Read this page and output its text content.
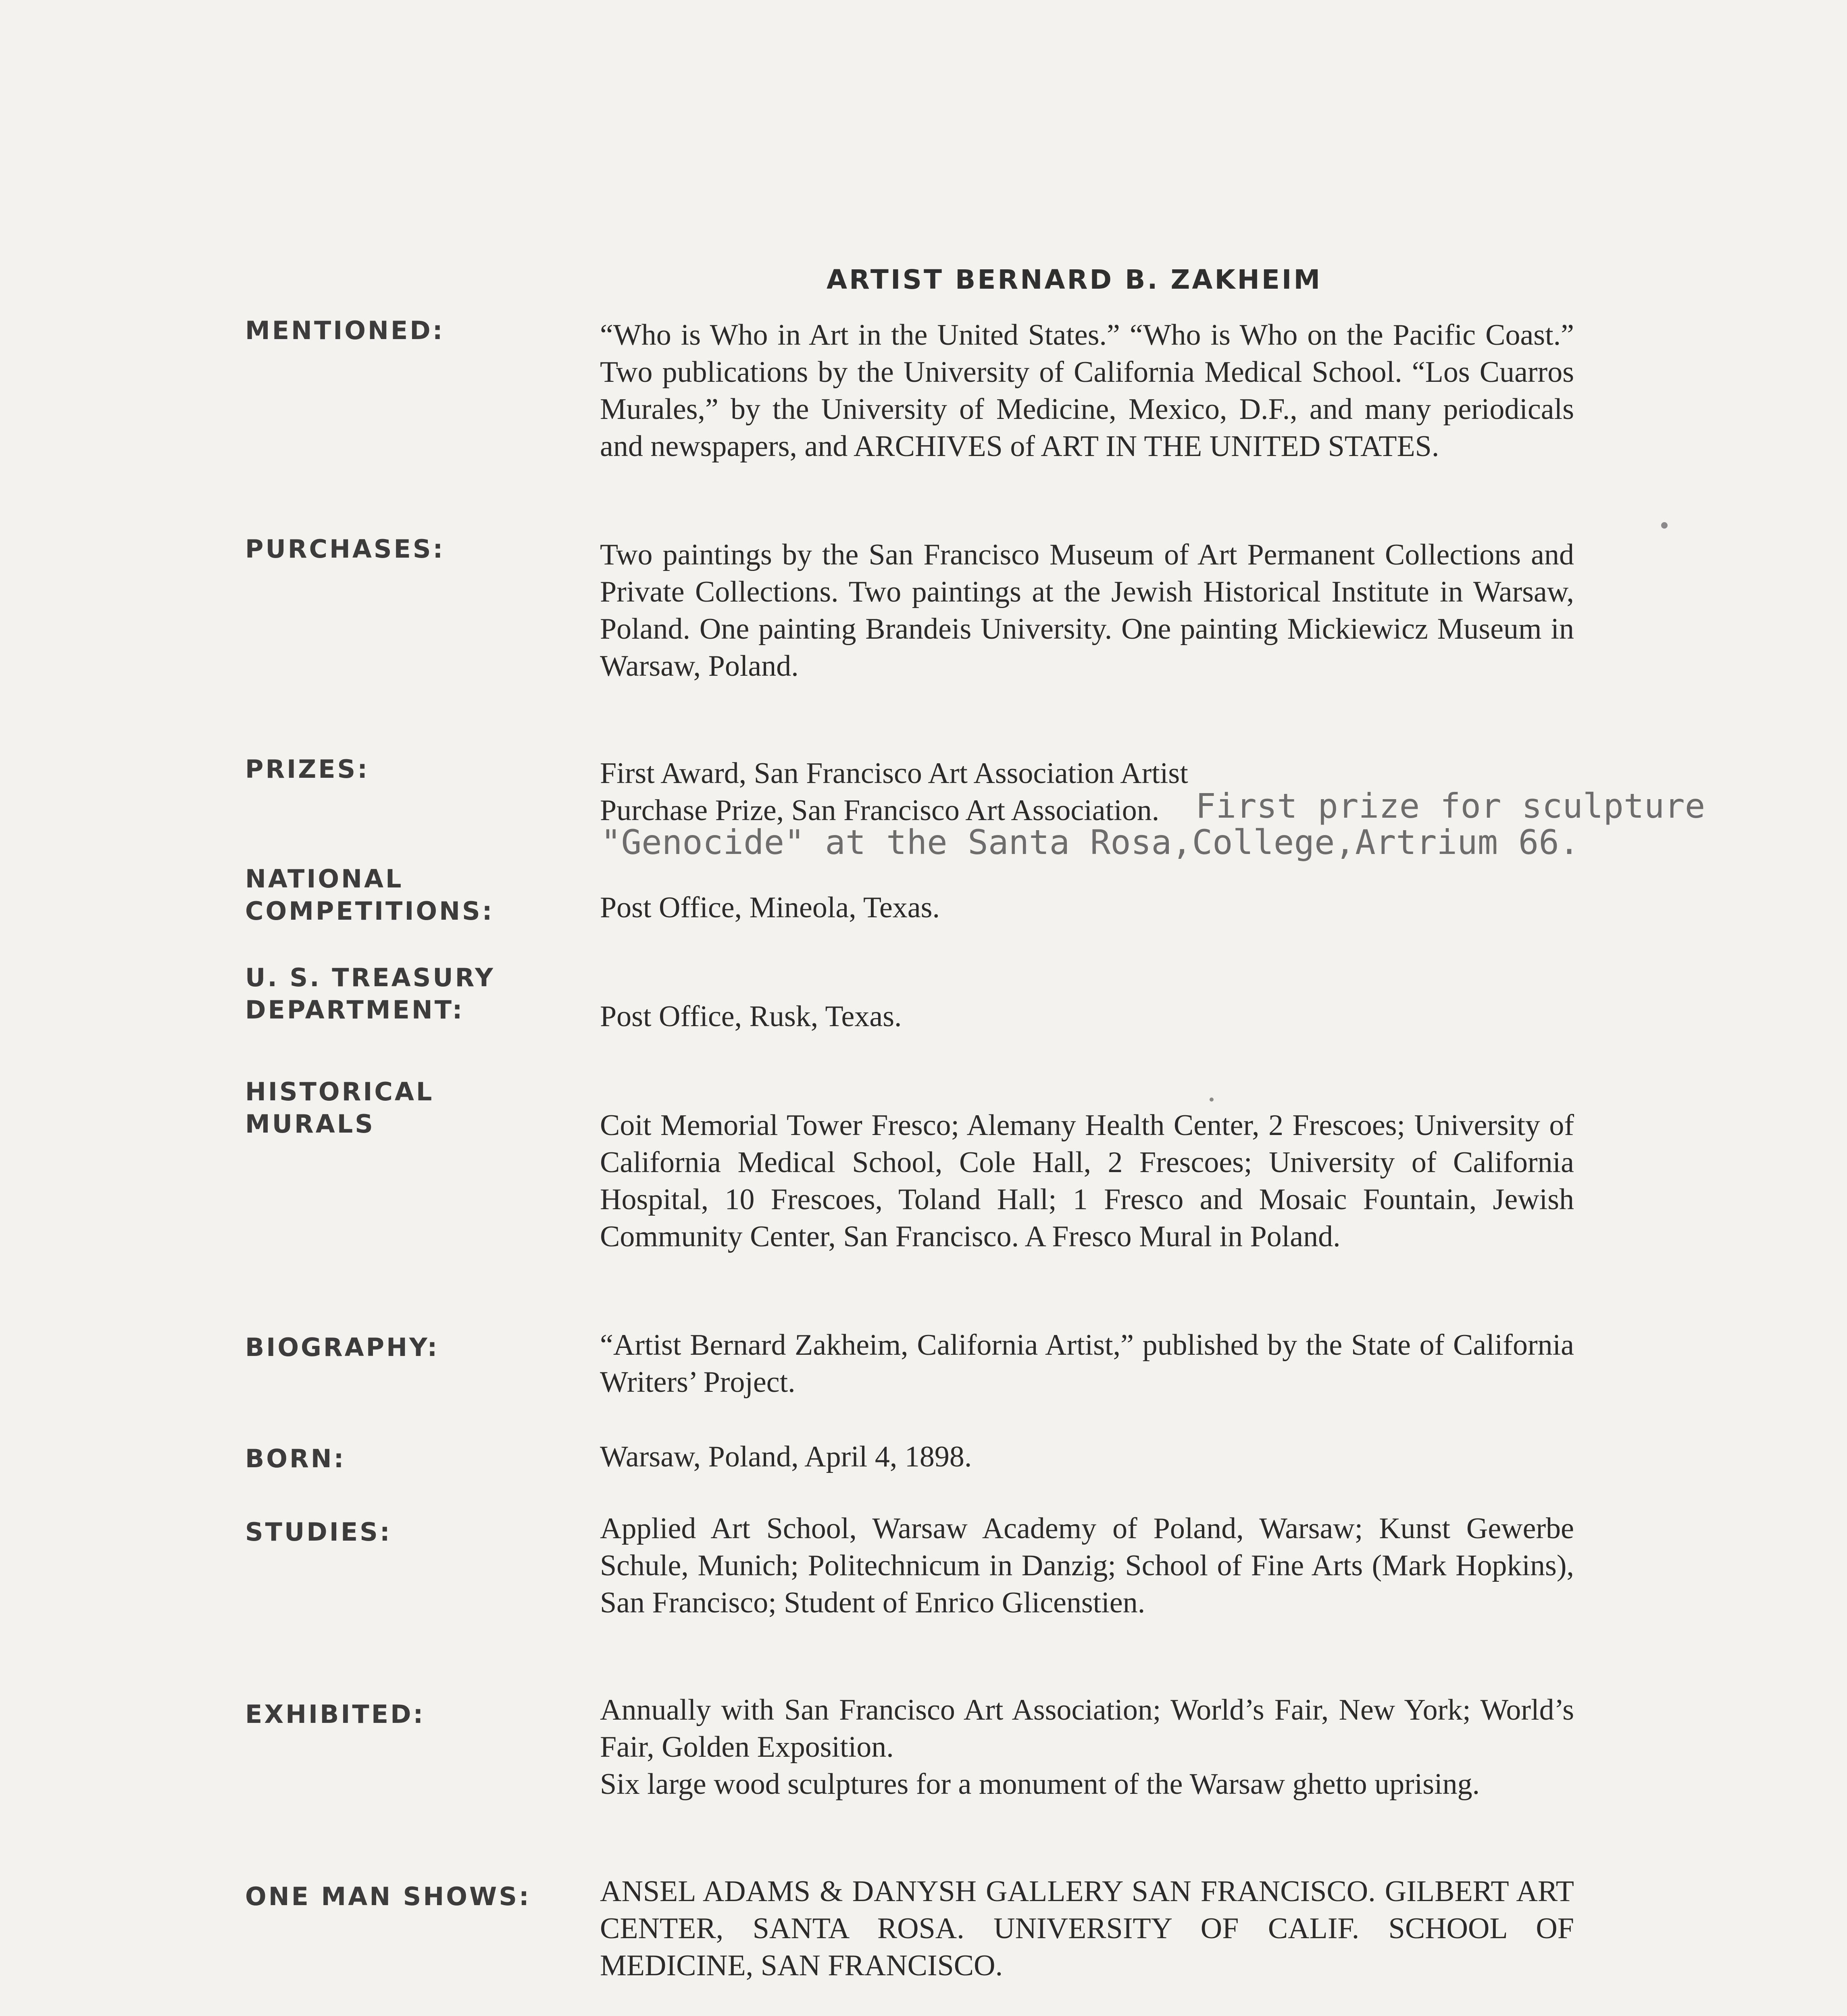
ARTIST BERNARD B. ZAKHEIM
MENTIONED:	“Who is Who in Art in the United States.” “Who is Who on the Pacific Coast.” Two publications by the University of California Medical School. “Los Cuarros Murales,” by the University of Medicine, Mexico, D.F., and many periodicals and newspapers, and ARCHIVES of ART IN THE UNITED STATES.
PURCHASES:	Two paintings by the San Francisco Museum of Art Permanent Collections and Private Collections. Two paintings at the Jewish Historical Institute in Warsaw, Poland. One painting Brandeis University. One painting Mickiewicz Museum in Warsaw, Poland.
PRIZES:	First Award, San Francisco Art Association Artist Purchase Prize, San Francisco Art Association.	First prize for sculpture
"Genocide" at the Santa Rosa,College,Artrium 66.
NATIONAL
COMPETITIONS:	Post Office, Mineola, Texas.
U. S. TREASURY
DEPARTMENT:	Post Office, Rusk, Texas.
HISTORICAL
MURALS	Coit Memorial Tower Fresco; Alemany Health Center, 2 Frescoes; University of California Medical School, Cole Hall, 2 Frescoes; University of California Hospital, 10 Frescoes, Toland Hall; 1 Fresco and Mosaic Fountain, Jewish Community Center, San Francisco. A Fresco Mural in Poland.
BIOGRAPHY:	“Artist Bernard Zakheim, California Artist,” published by the State of California Writers’ Project.
BORN:	Warsaw, Poland, April 4, 1898.
STUDIES:	Applied Art School, Warsaw Academy of Poland, Warsaw; Kunst Gewerbe Schule, Munich; Politechnicum in Danzig; School of Fine Arts (Mark Hopkins), San Francisco; Student of Enrico Glicenstien.
EXHIBITED:	Annually with San Francisco Art Association; World’s Fair, New York; World’s Fair, Golden Exposition.
Six large wood sculptures for a monument of the Warsaw ghetto uprising.
ONE MAN SHOWS:	ANSEL ADAMS & DANYSH GALLERY SAN FRANCISCO. GILBERT ART CENTER, SANTA ROSA. UNIVERSITY OF CALIF. SCHOOL OF MEDICINE, SAN FRANCISCO.
